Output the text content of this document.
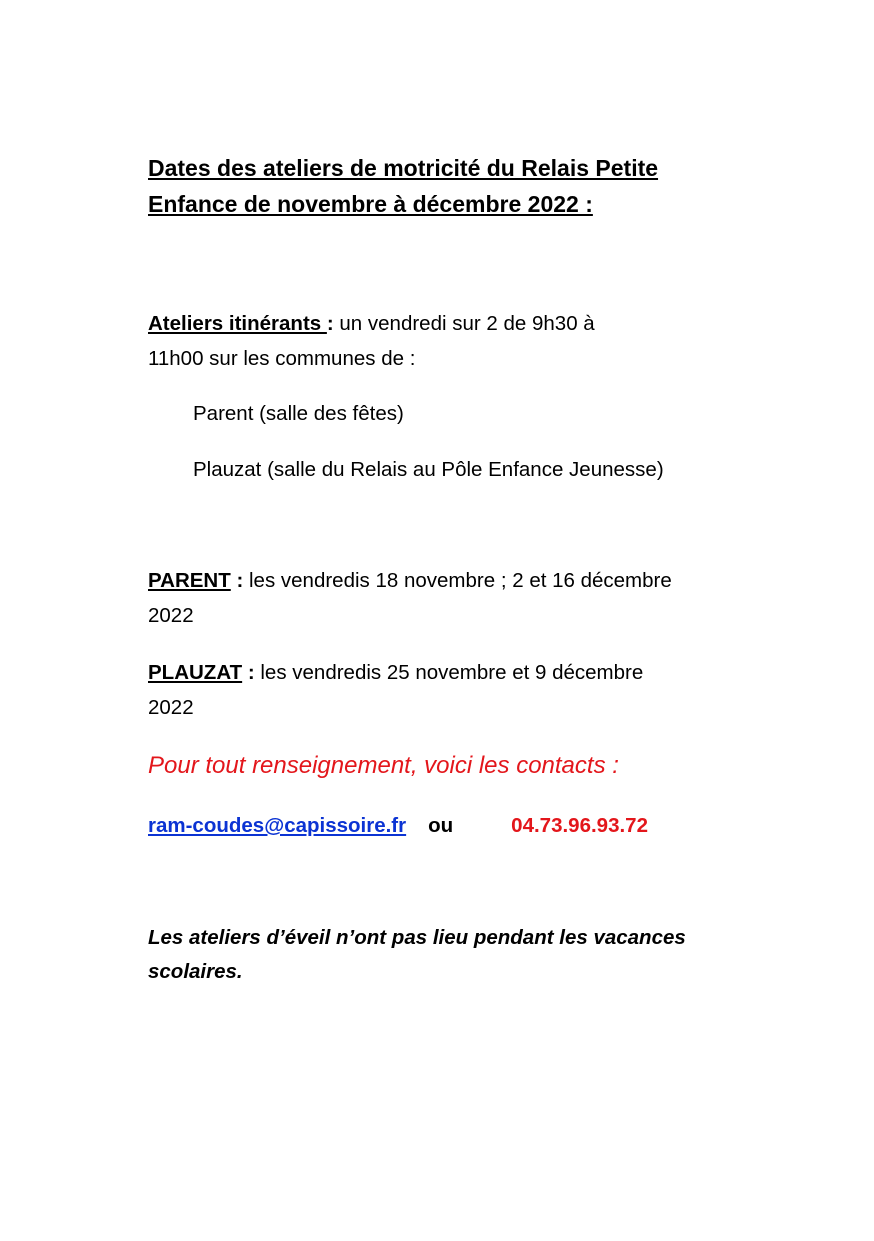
Dates des ateliers de motricité du Relais Petite
Enfance de novembre à décembre 2022 :

Ateliers itinérants : un vendredi sur 2 de 9h30 à
11h00 sur les communes de :

Parent (salle des fêtes)

Plauzat (salle du Relais au Pôle Enfance Jeunesse)

PARENT : les vendredis 18 novembre ; 2 et 16 décembre
2022

PLAUZAT : les vendredis 25 novembre et 9 décembre
2022

Pour tout renseignement, voici les contacts :

ram-coudes@capissoire.fr ou	04.73.96.93.72

Les ateliers d’éveil n’ont pas lieu pendant les vacances
scolaires.
